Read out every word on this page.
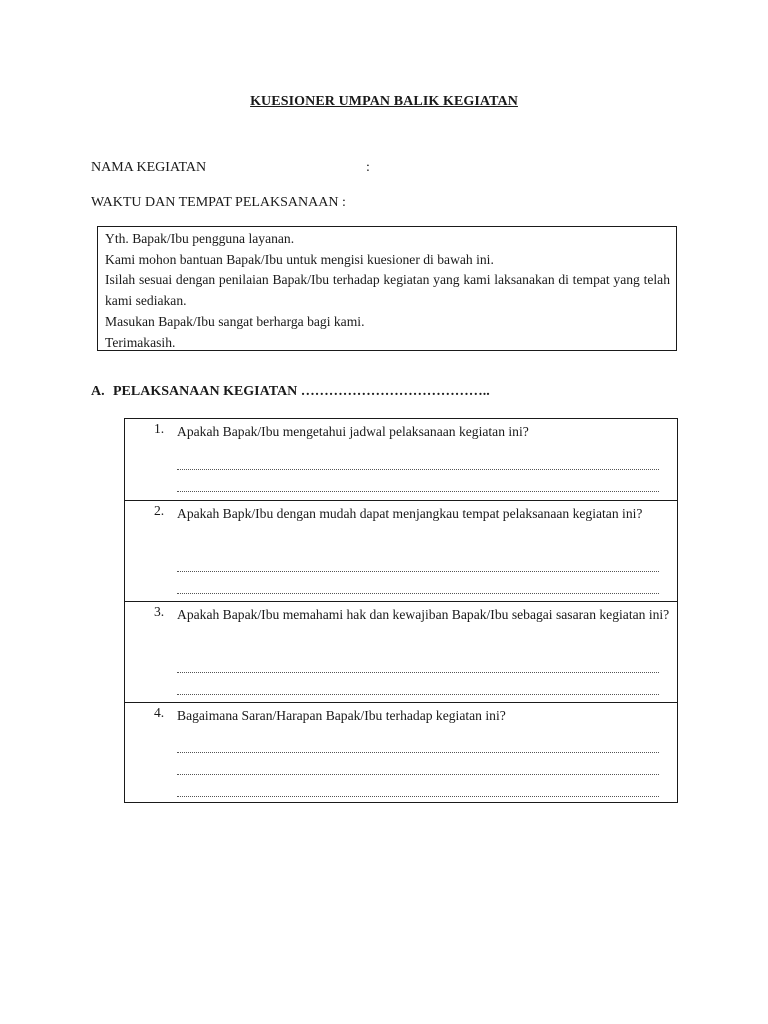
KUESIONER UMPAN BALIK KEGIATAN
NAMA KEGIATAN	:
WAKTU DAN TEMPAT PELAKSANAAN :
Yth. Bapak/Ibu pengguna layanan.
Kami mohon bantuan Bapak/Ibu untuk mengisi kuesioner di bawah ini.
Isilah sesuai dengan penilaian Bapak/Ibu terhadap kegiatan yang kami laksanakan di tempat yang telah kami sediakan.
Masukan Bapak/Ibu sangat berharga bagi kami.
Terimakasih.
A. PELAKSANAAN KEGIATAN …………………………………..
1. Apakah Bapak/Ibu mengetahui jadwal pelaksanaan kegiatan ini?
2. Apakah Bapk/Ibu dengan mudah dapat menjangkau tempat pelaksanaan kegiatan ini?
3. Apakah Bapak/Ibu memahami hak dan kewajiban Bapak/Ibu sebagai sasaran kegiatan ini?
4. Bagaimana Saran/Harapan Bapak/Ibu terhadap kegiatan ini?
